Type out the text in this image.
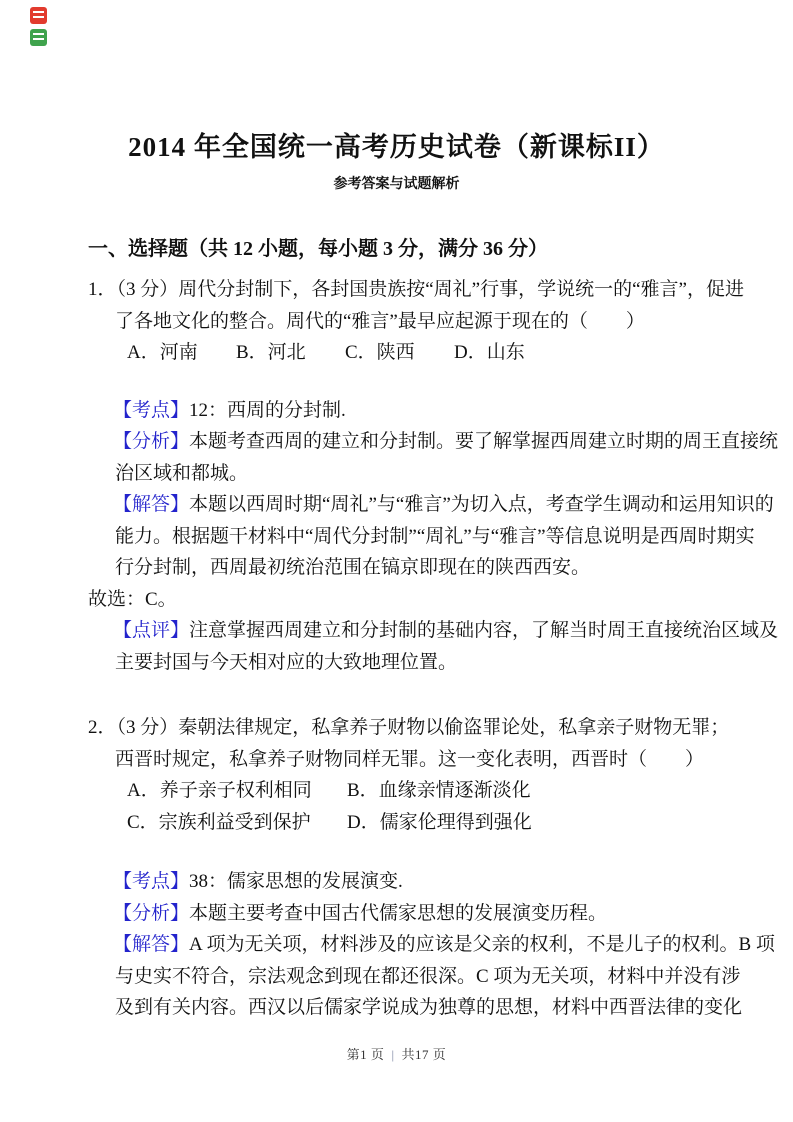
2014 年全国统一高考历史试卷（新课标II）
参考答案与试题解析
一、选择题（共 12 小题，每小题 3 分，满分 36 分）
1．（3 分）周代分封制下，各封国贵族按“周礼”行事，学说统一的“雅言”，促进
了各地文化的整合。周代的“雅言”最早应起源于现在的（　　）
A．河南 B．河北 C．陕西 D．山东
【考点】12：西周的分封制.
【分析】本题考查西周的建立和分封制。要了解掌握西周建立时期的周王直接统
治区域和都城。
【解答】本题以西周时期“周礼”与“雅言”为切入点，考查学生调动和运用知识的
能力。根据题干材料中“周代分封制”“周礼”与“雅言”等信息说明是西周时期实
行分封制，西周最初统治范围在镐京即现在的陕西西安。
故选：C。
【点评】注意掌握西周建立和分封制的基础内容，了解当时周王直接统治区域及
主要封国与今天相对应的大致地理位置。
2．（3 分）秦朝法律规定，私拿养子财物以偷盗罪论处，私拿亲子财物无罪；
西晋时规定，私拿养子财物同样无罪。这一变化表明，西晋时（　　）
A．养子亲子权利相同 B．血缘亲情逐渐淡化
C．宗族利益受到保护 D．儒家伦理得到强化
【考点】38：儒家思想的发展演变.
【分析】本题主要考查中国古代儒家思想的发展演变历程。
【解答】A 项为无关项，材料涉及的应该是父亲的权利，不是儿子的权利。B 项
与史实不符合，宗法观念到现在都还很深。C 项为无关项，材料中并没有涉
及到有关内容。西汉以后儒家学说成为独尊的思想，材料中西晋法律的变化
第1 页 | 共17 页
